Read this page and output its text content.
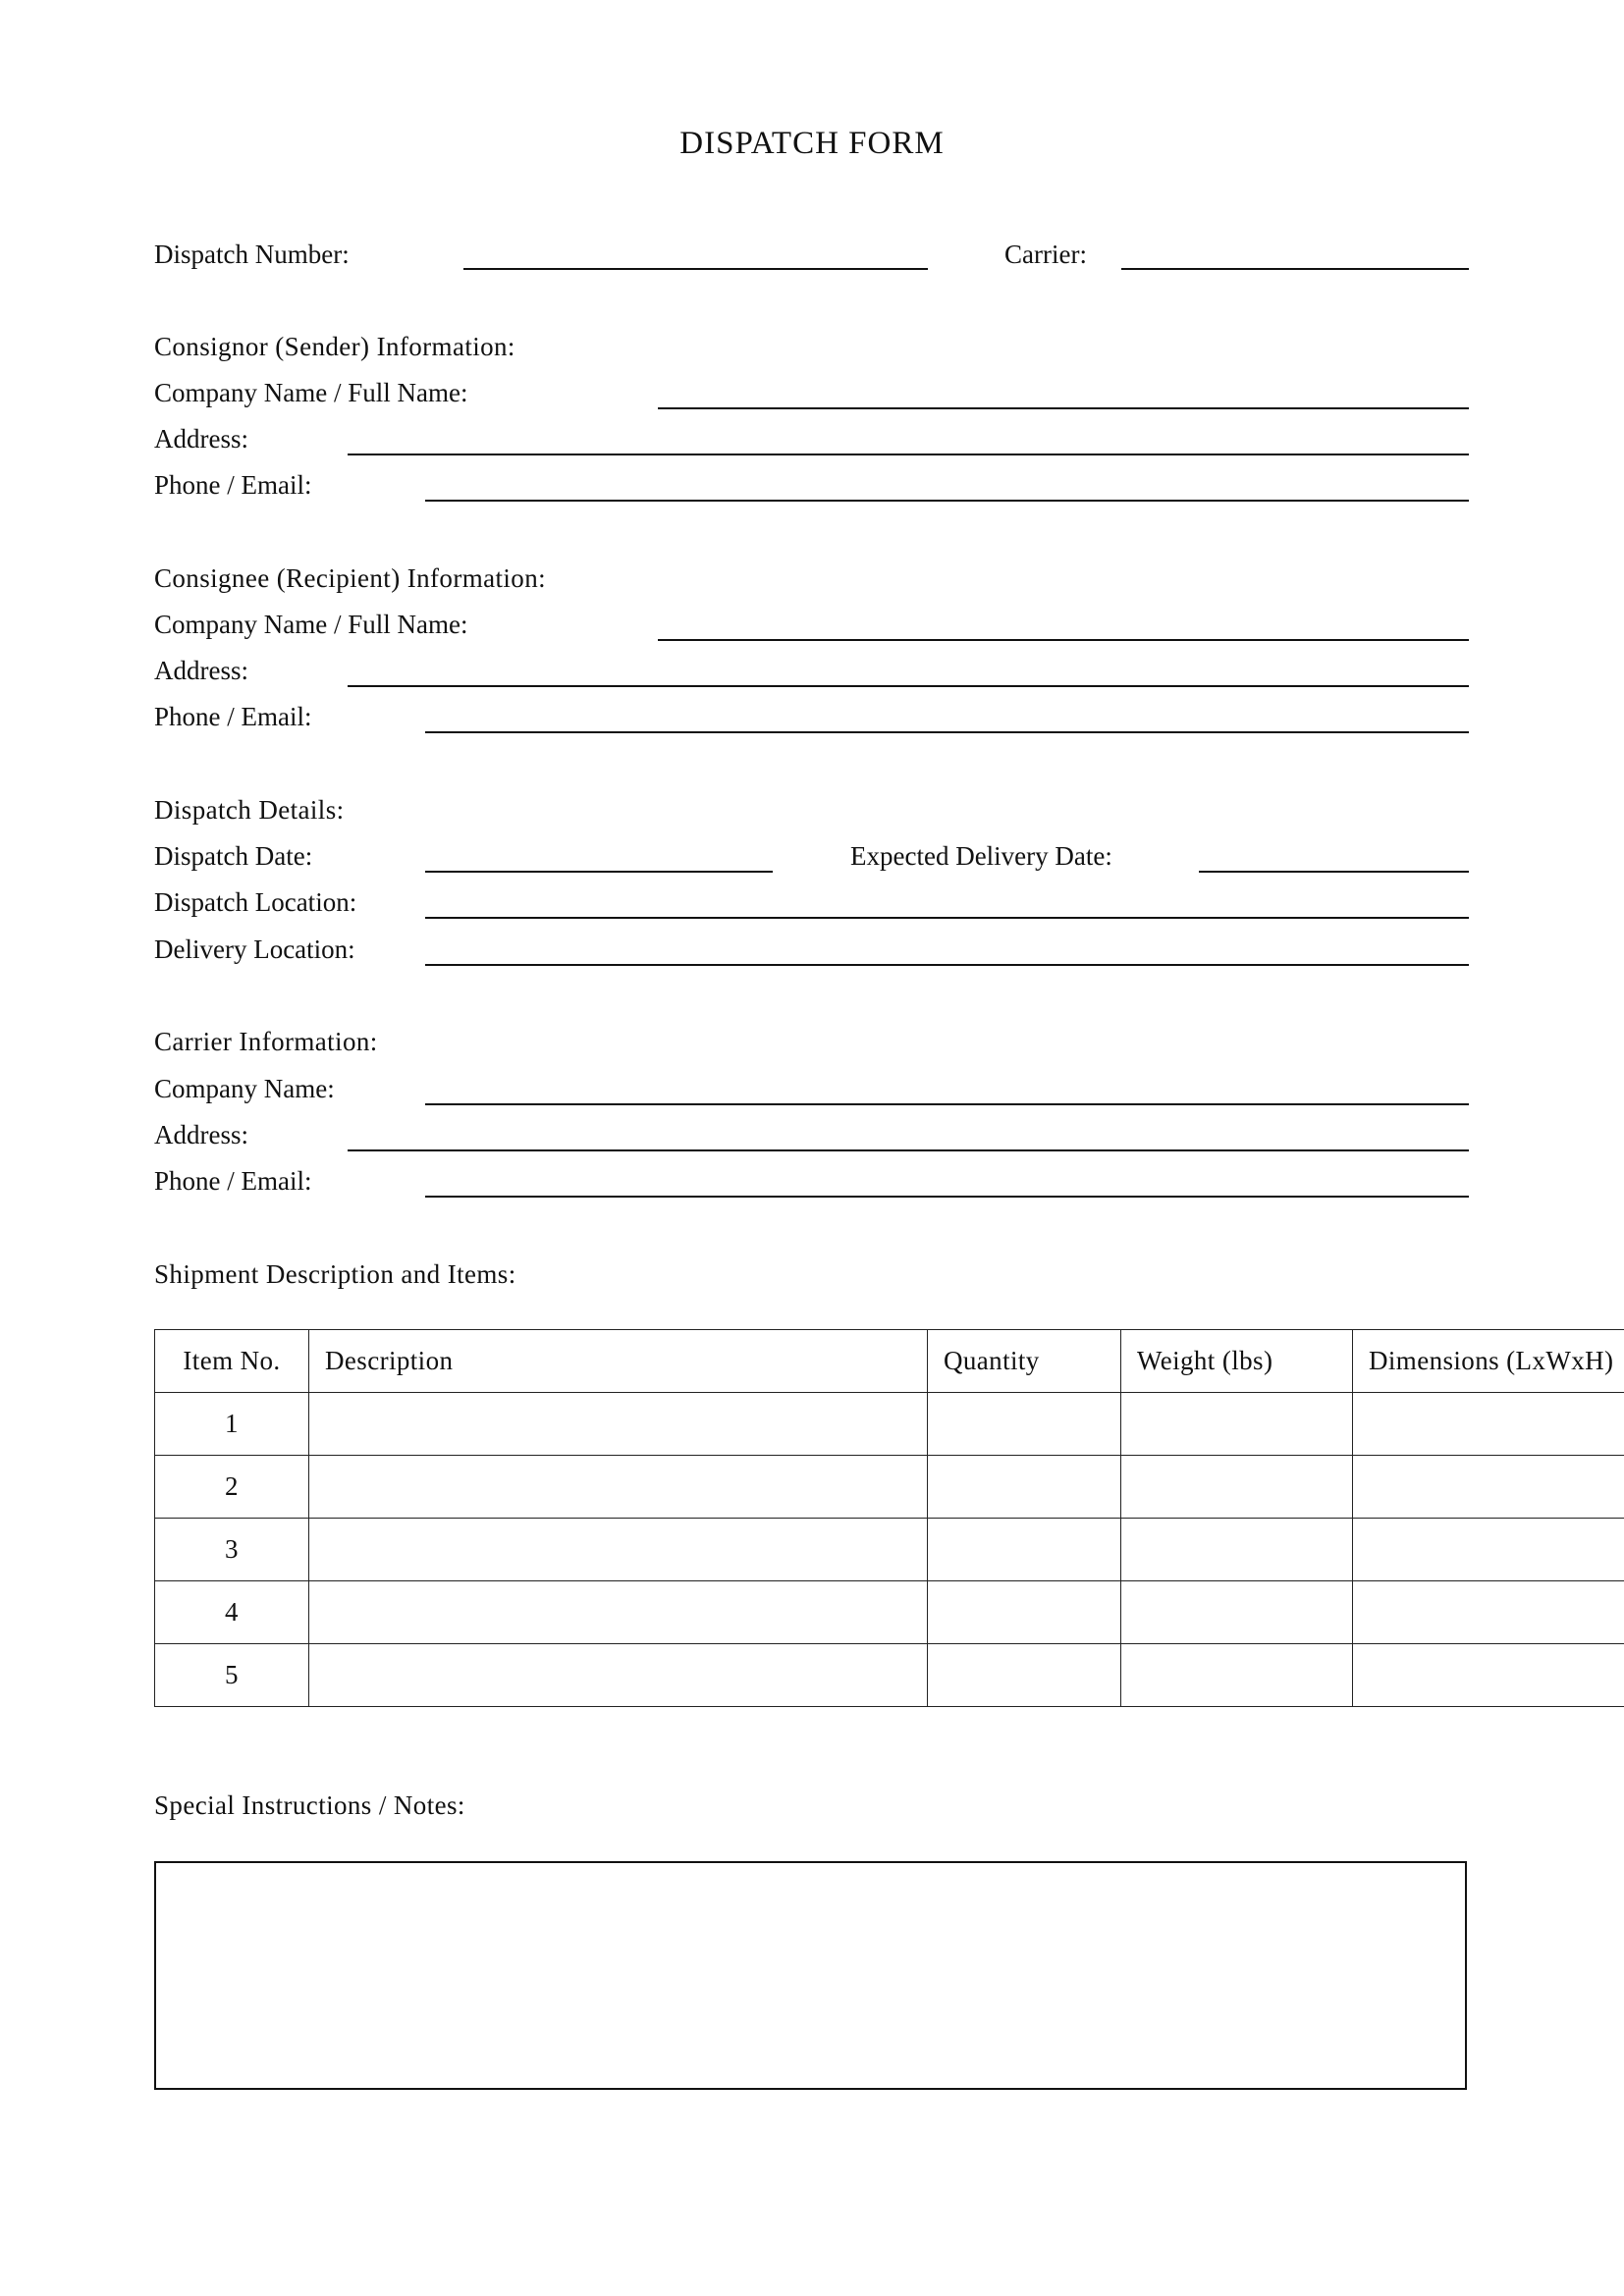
DISPATCH FORM
Dispatch Number:	Carrier:
Consignor (Sender) Information:
Company Name / Full Name:
Address:
Phone / Email:
Consignee (Recipient) Information:
Company Name / Full Name:
Address:
Phone / Email:
Dispatch Details:
Dispatch Date:	Expected Delivery Date:
Dispatch Location:
Delivery Location:
Carrier Information:
Company Name:
Address:
Phone / Email:
Shipment Description and Items:
Item No.	Description	Quantity	Weight (lbs)	Dimensions (LxWxH)
1				
2				
3				
4				
5				
Special Instructions / Notes:
